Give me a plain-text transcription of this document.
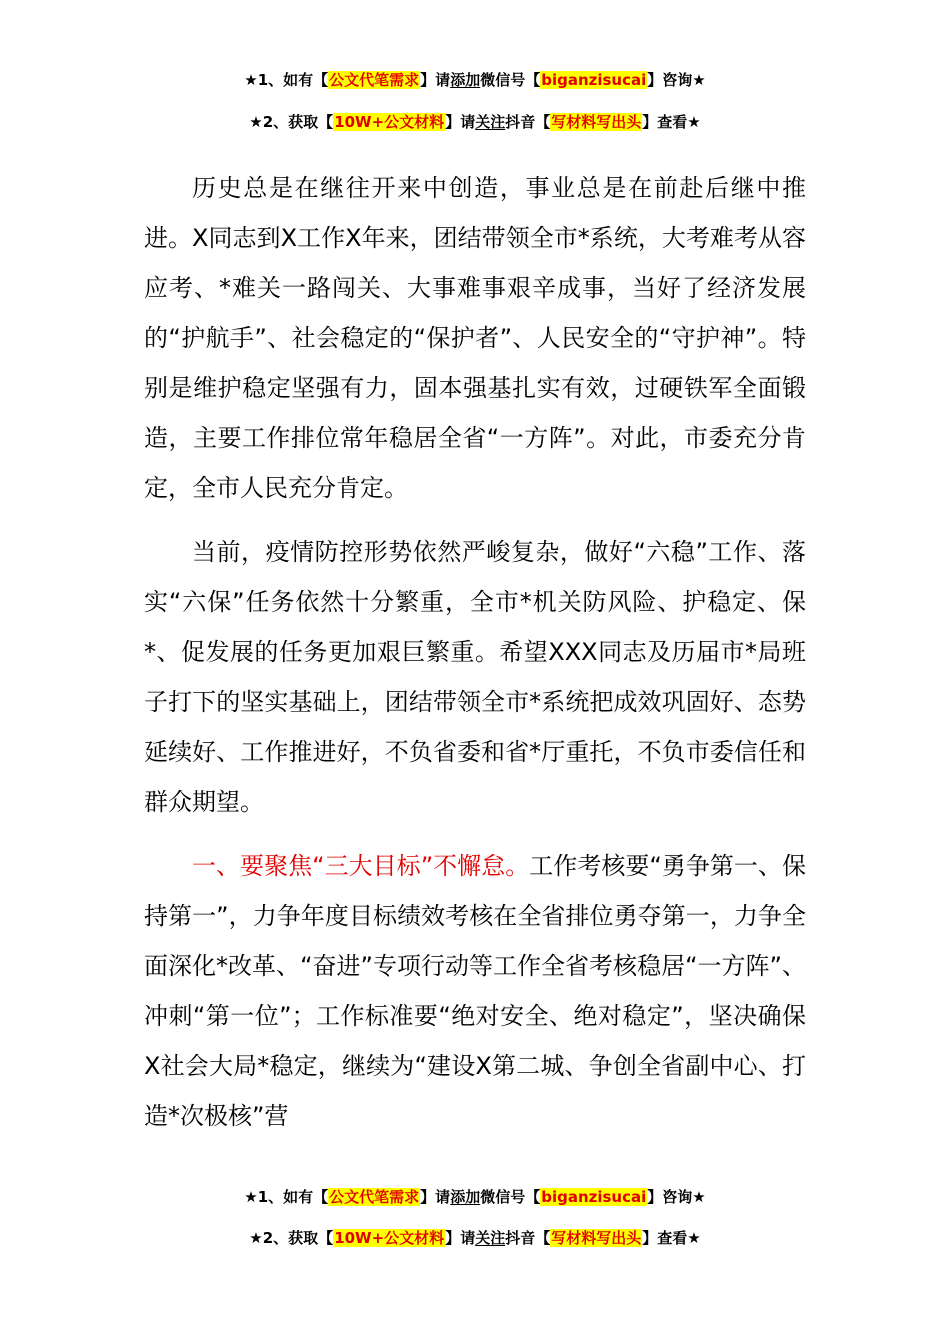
★1、如有【公文代笔需求】请添加微信号【biganzisucai】咨询★
★2、获取【10W+公文材料】请关注抖音【写材料写出头】查看★

历史总是在继往开来中创造，事业总是在前赴后继中推进。X同志到X工作X年来，团结带领全市*系统，大考难考从容应考、*难关一路闯关、大事难事艰辛成事，当好了经济发展的“护航手”、社会稳定的“保护者”、人民安全的“守护神”。特别是维护稳定坚强有力，固本强基扎实有效，过硬铁军全面锻造，主要工作排位常年稳居全省“一方阵”。对此，市委充分肯定，全市人民充分肯定。

当前，疫情防控形势依然严峻复杂，做好“六稳”工作、落实“六保”任务依然十分繁重，全市*机关防风险、护稳定、保*、促发展的任务更加艰巨繁重。希望XXX同志及历届市*局班子打下的坚实基础上，团结带领全市*系统把成效巩固好、态势延续好、工作推进好，不负省委和省*厅重托，不负市委信任和群众期望。

一、要聚焦“三大目标”不懈怠。工作考核要“勇争第一、保持第一”，力争年度目标绩效考核在全省排位勇夺第一，力争全面深化*改革、“奋进”专项行动等工作全省考核稳居“一方阵”、冲刺“第一位”；工作标准要“绝对安全、绝对稳定”，坚决确保X社会大局*稳定，继续为“建设X第二城、争创全省副中心、打造*次极核”营

★1、如有【公文代笔需求】请添加微信号【biganzisucai】咨询★
★2、获取【10W+公文材料】请关注抖音【写材料写出头】查看★
